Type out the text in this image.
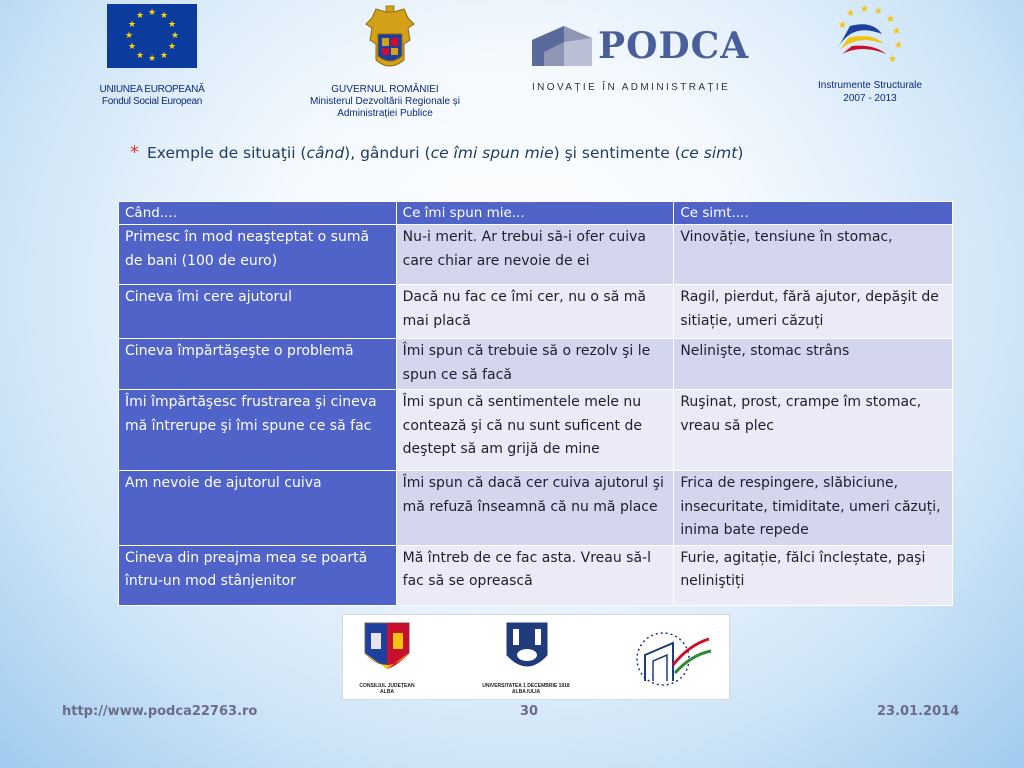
★ ★
★
★
★
★
★
★
★
★
★
★
UNIUNEA EUROPEANĂ
Fondul Social European
GUVERNUL ROMÂNIEI
Ministerul Dezvoltării Regionale și
Administrației Publice
PODCA
INOVAȚIE ÎN ADMINISTRAȚIE
★ ★ ★
★
★
★
★
★
Instrumente Structurale
2007 - 2013
* Exemple de situaţii (când), gânduri (ce îmi spun mie) şi sentimente (ce simt)
Când....	Ce îmi spun mie...	Ce simt....
Primesc în mod neaşteptat o sumă de bani (100 de euro)	Nu-i merit. Ar trebui să-i ofer cuiva care chiar are nevoie de ei	Vinovăție, tensiune în stomac,
Cineva îmi cere ajutorul	Dacă nu fac ce îmi cer, nu o să mă mai placă	Ragil, pierdut, fără ajutor, depăşit de sitiație, umeri căzuți
Cineva împărtăşeşte o problemă	Îmi spun că trebuie să o rezolv şi le spun ce să facă	Nelinişte, stomac strâns
Îmi împărtăşesc frustrarea şi cineva mă întrerupe şi îmi spune ce să fac	Îmi spun că sentimentele mele nu contează şi că nu sunt suficent de deştept să am grijă de mine	Ruşinat, prost, crampe îm stomac, vreau să plec
Am nevoie de ajutorul cuiva	Îmi spun că dacă cer cuiva ajutorul şi mă refuză înseamnă că nu mă place	Frica de respingere, slăbiciune, insecuritate, timiditate, umeri căzuți, inima bate repede
Cineva din preajma mea se poartă întru-un mod stânjenitor	Mă întreb de ce fac asta. Vreau să-l fac să se oprească	Furie, agitație, fălci încleștate, paşi neliniştiți
CONSILIUL JUDEȚEAN
ALBA
UNIVERSITATEA 1 DECEMBRIE 1918
ALBA IULIA
http://www.podca22763.ro	30	23.01.2014
